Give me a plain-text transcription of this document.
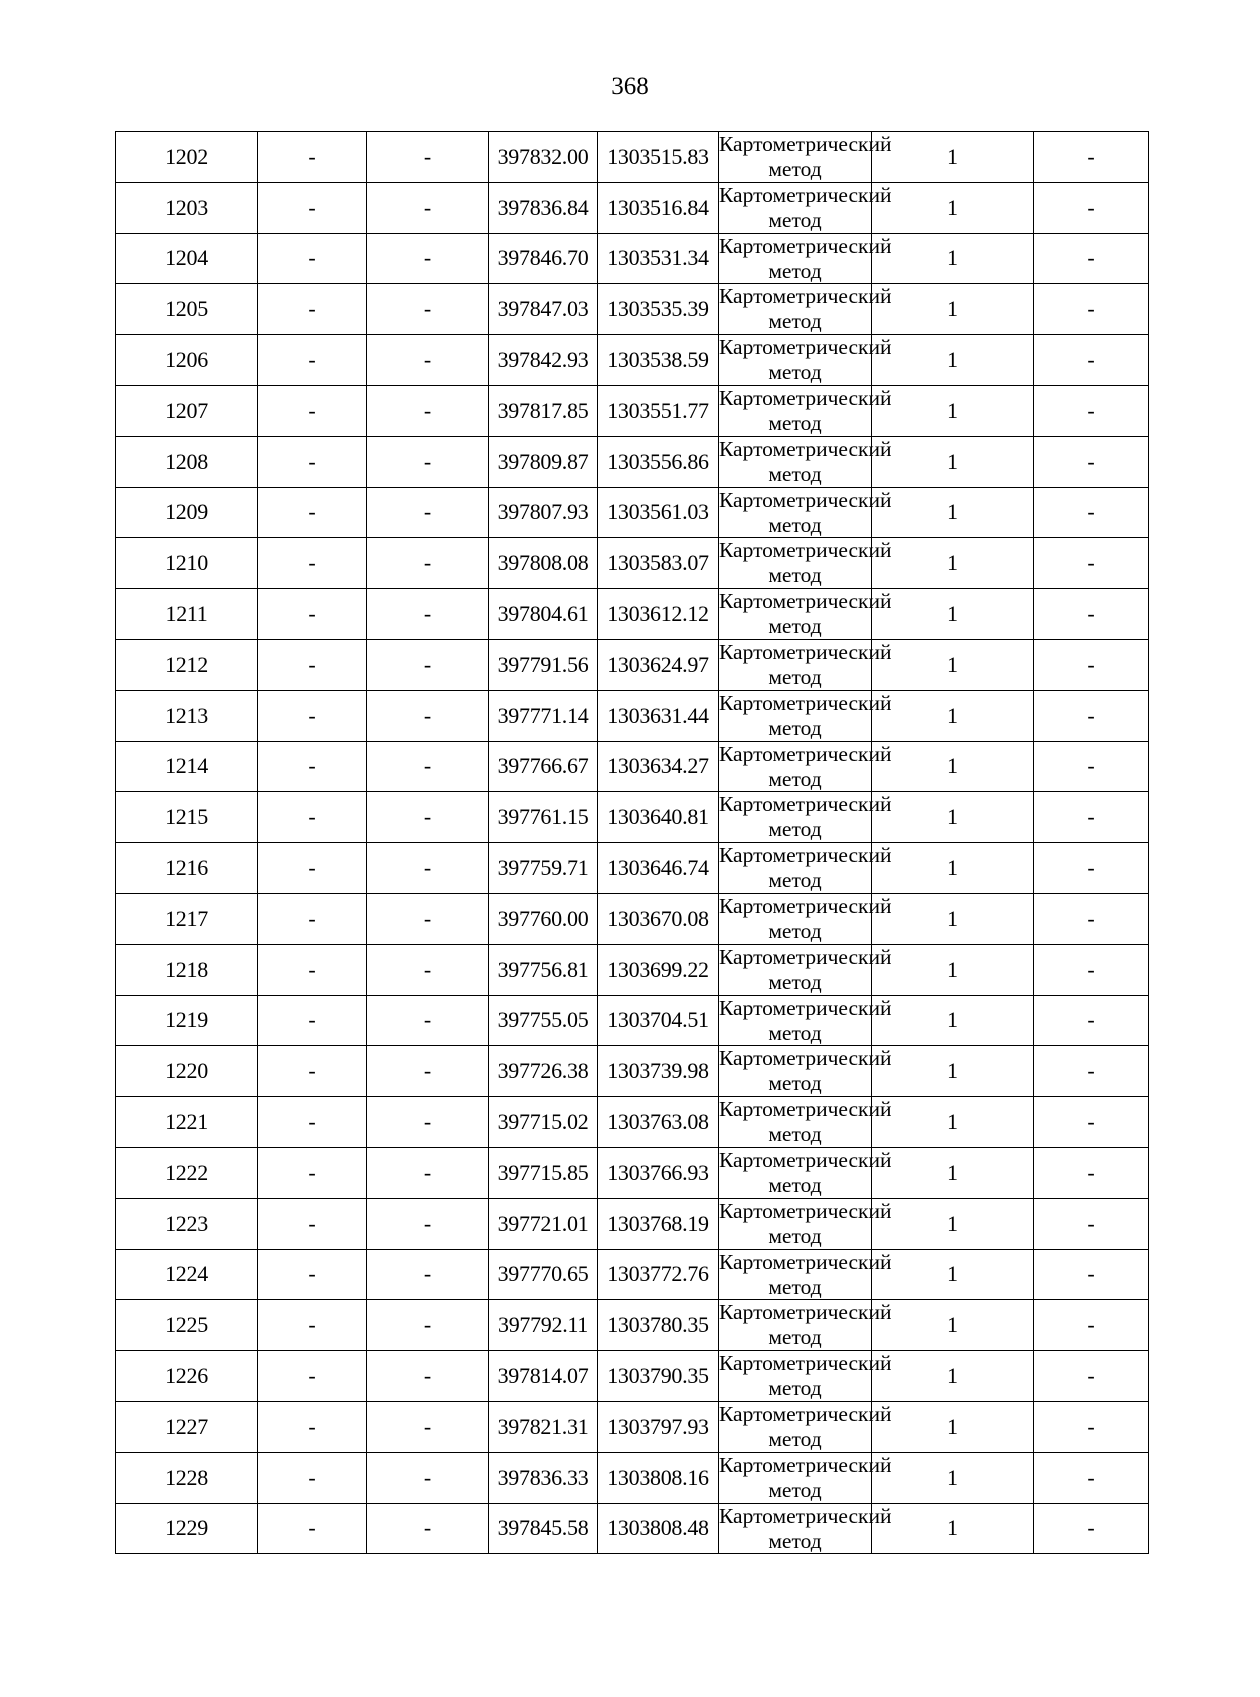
368
1202	-	-	397832.00	1303515.83	Картометрический метод	1	-
1203	-	-	397836.84	1303516.84	Картометрический метод	1	-
1204	-	-	397846.70	1303531.34	Картометрический метод	1	-
1205	-	-	397847.03	1303535.39	Картометрический метод	1	-
1206	-	-	397842.93	1303538.59	Картометрический метод	1	-
1207	-	-	397817.85	1303551.77	Картометрический метод	1	-
1208	-	-	397809.87	1303556.86	Картометрический метод	1	-
1209	-	-	397807.93	1303561.03	Картометрический метод	1	-
1210	-	-	397808.08	1303583.07	Картометрический метод	1	-
1211	-	-	397804.61	1303612.12	Картометрический метод	1	-
1212	-	-	397791.56	1303624.97	Картометрический метод	1	-
1213	-	-	397771.14	1303631.44	Картометрический метод	1	-
1214	-	-	397766.67	1303634.27	Картометрический метод	1	-
1215	-	-	397761.15	1303640.81	Картометрический метод	1	-
1216	-	-	397759.71	1303646.74	Картометрический метод	1	-
1217	-	-	397760.00	1303670.08	Картометрический метод	1	-
1218	-	-	397756.81	1303699.22	Картометрический метод	1	-
1219	-	-	397755.05	1303704.51	Картометрический метод	1	-
1220	-	-	397726.38	1303739.98	Картометрический метод	1	-
1221	-	-	397715.02	1303763.08	Картометрический метод	1	-
1222	-	-	397715.85	1303766.93	Картометрический метод	1	-
1223	-	-	397721.01	1303768.19	Картометрический метод	1	-
1224	-	-	397770.65	1303772.76	Картометрический метод	1	-
1225	-	-	397792.11	1303780.35	Картометрический метод	1	-
1226	-	-	397814.07	1303790.35	Картометрический метод	1	-
1227	-	-	397821.31	1303797.93	Картометрический метод	1	-
1228	-	-	397836.33	1303808.16	Картометрический метод	1	-
1229	-	-	397845.58	1303808.48	Картометрический метод	1	-
